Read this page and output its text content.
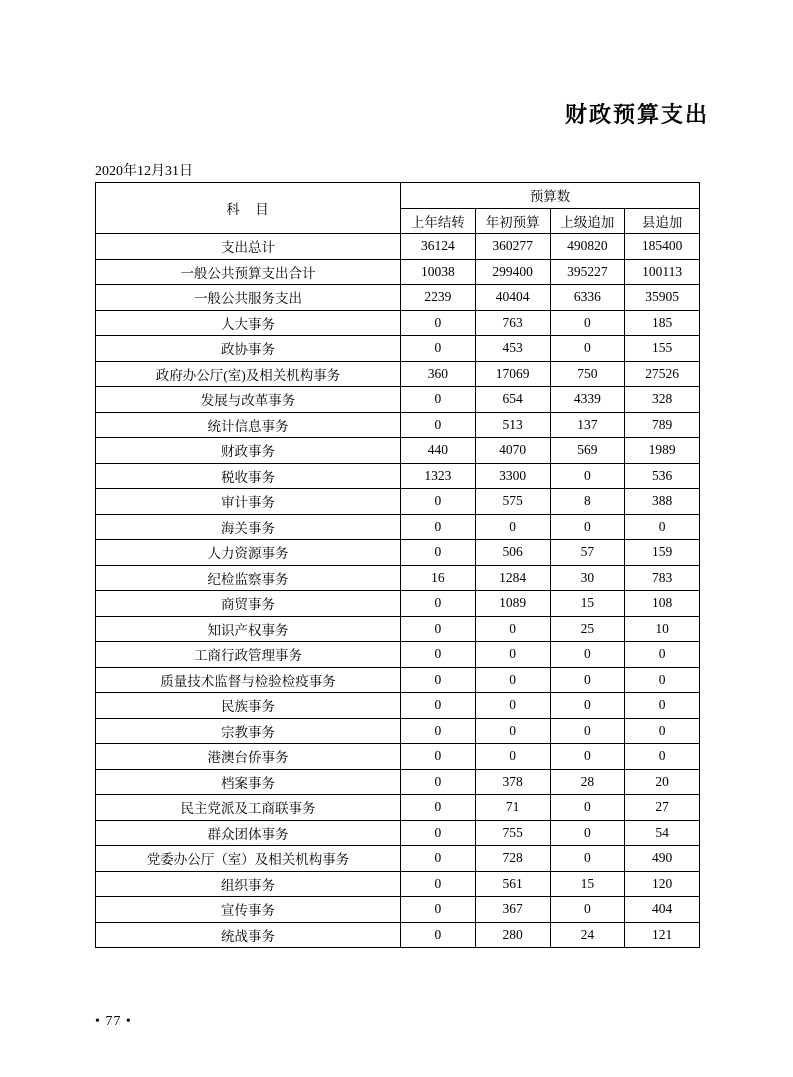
财政预算支出
2020年12月31日
科　目	预算数			
	上年结转	年初预算	上级追加	县追加
支出总计	36124	360277	490820	185400
一般公共预算支出合计	10038	299400	395227	100113
一般公共服务支出	2239	40404	6336	35905
人大事务	0	763	0	185
政协事务	0	453	0	155
政府办公厅(室)及相关机构事务	360	17069	750	27526
发展与改革事务	0	654	4339	328
统计信息事务	0	513	137	789
财政事务	440	4070	569	1989
税收事务	1323	3300	0	536
审计事务	0	575	8	388
海关事务	0	0	0	0
人力资源事务	0	506	57	159
纪检监察事务	16	1284	30	783
商贸事务	0	1089	15	108
知识产权事务	0	0	25	10
工商行政管理事务	0	0	0	0
质量技术监督与检验检疫事务	0	0	0	0
民族事务	0	0	0	0
宗教事务	0	0	0	0
港澳台侨事务	0	0	0	0
档案事务	0	378	28	20
民主党派及工商联事务	0	71	0	27
群众团体事务	0	755	0	54
党委办公厅（室）及相关机构事务	0	728	0	490
组织事务	0	561	15	120
宣传事务	0	367	0	404
统战事务	0	280	24	121
• 77 •
